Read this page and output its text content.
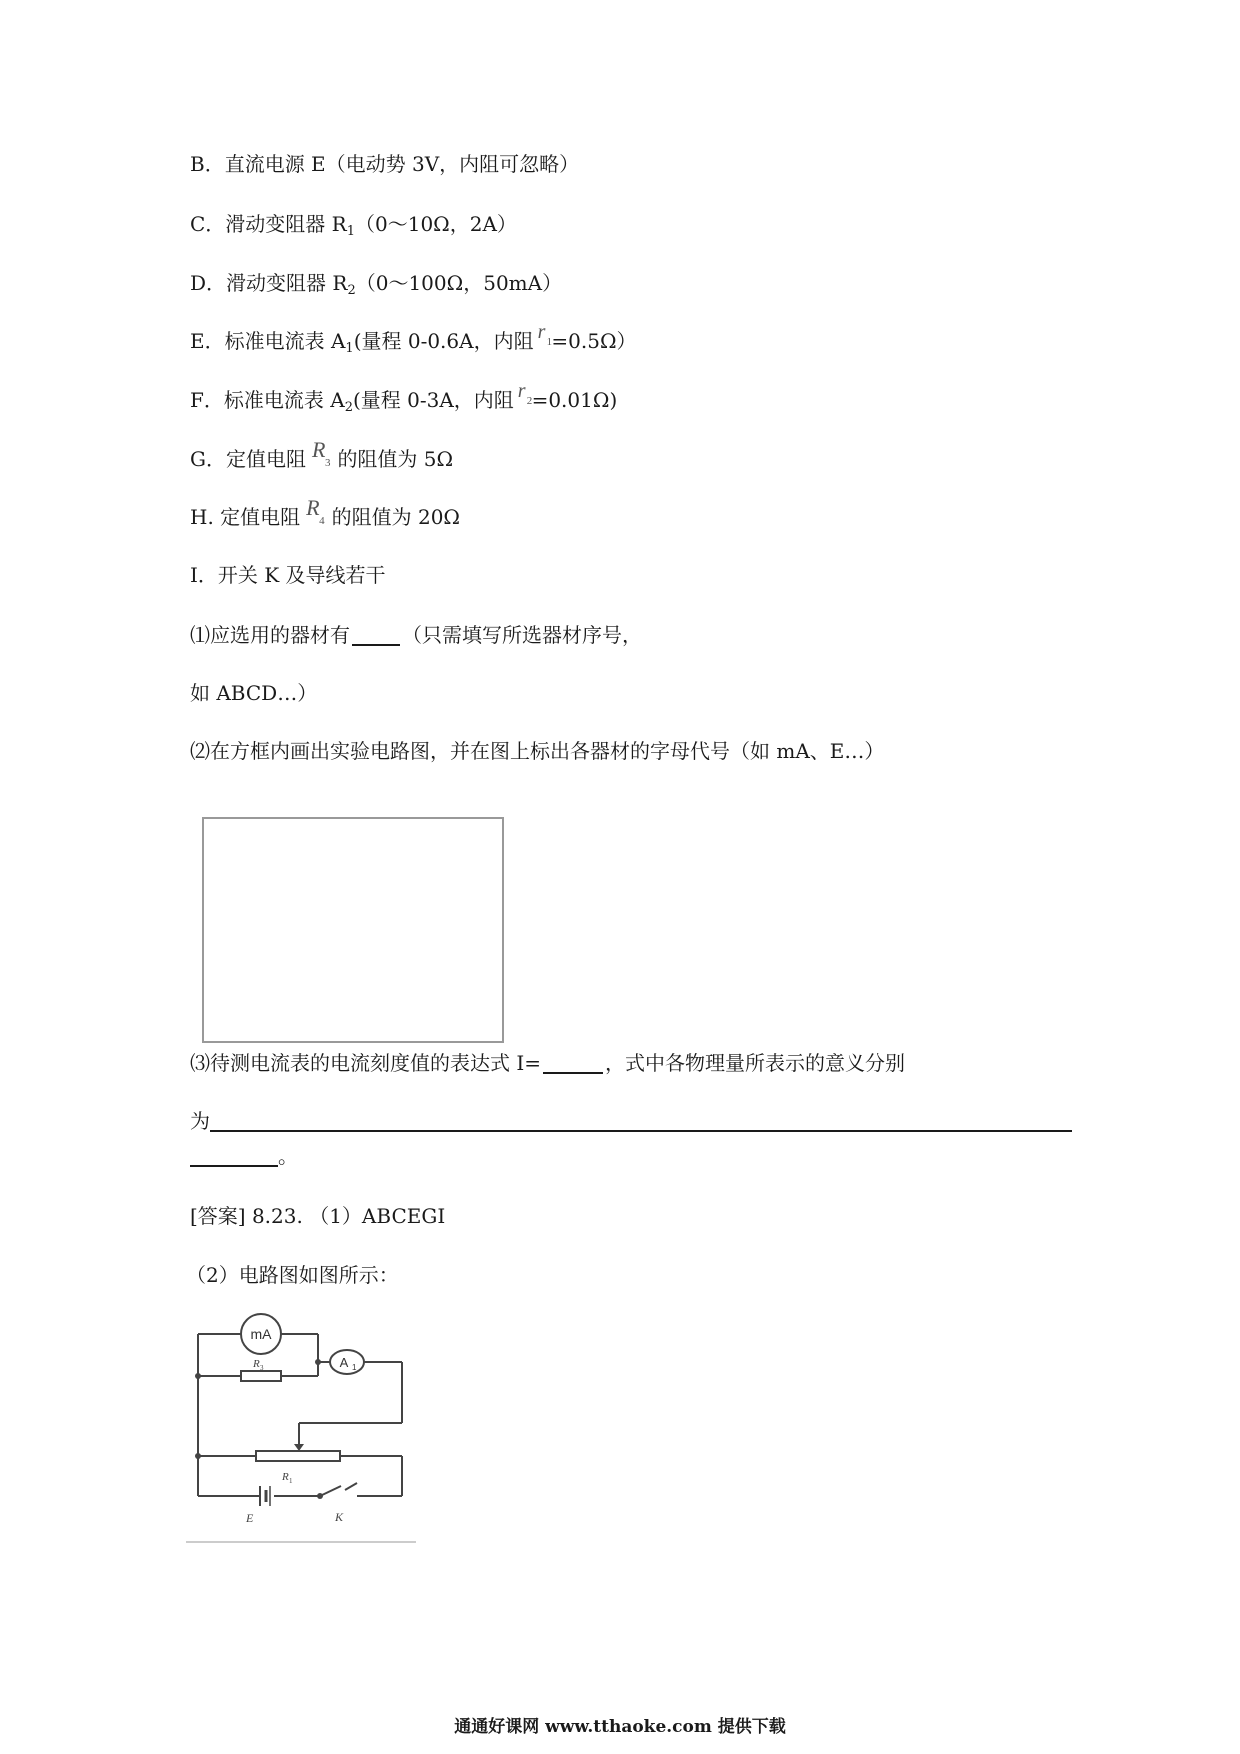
B．直流电源 E（电动势 3V，内阻可忽略）
C．滑动变阻器 $R_1(0\sim 10\Omega$，2A）
D．滑动变阻器 $R_2(0\sim 100\Omega$，50mA）
E．标准电流表 $A_1$(量程 0-0.6A，内阻 r 1 =0.5Ω）
F．标准电流表 $A_2$(量程 0-3A，内阻 r 2 =0.01Ω)
G．定值电阻 R
3 的阻值为 5Ω
H. 定值电阻 R
4 的阻值为 20Ω
I．开关 K 及导线若干
⑴应选用的器材有	（只需填写所选器材序号，
如 ABCD…）
⑵在方框内画出实验电路图，并在图上标出各器材的字母代号（如 mA、E…）
⑶待测电流表的电流刻度值的表达式 I=	，式中各物理量所表示的意义分别
为
。
[答案] 8.23. （1）ABCEGI
（2）电路图如图所示：
mA
A 1
R 3
R 1
E	K
通通好课网 www.tthaoke.com 提供下载
